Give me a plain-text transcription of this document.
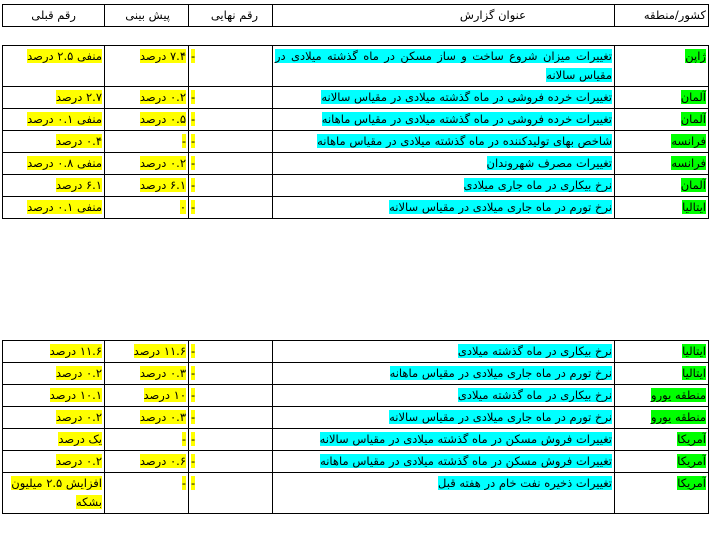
کشور/منطقه	عنوان گزارش	رقم نهایی	پیش بینی	رقم قبلی
ژاپن	تغییرات میزان شروع ساخت و ساز مسکن در ماه گذشته میلادی در مقیاس سالانه	-	۷.۴ درصد	منفی ۲.۵ درصد
آلمان	تغییرات خرده فروشی در ماه گذشته میلادی در مقیاس سالانه	-	۰.۲ درصد	۲.۷ درصد
آلمان	تغییرات خرده فروشی در ماه گذشته میلادی در مقیاس ماهانه	-	۰.۵ درصد	منفی ۰.۱ درصد
فرانسه	شاخص بهای تولیدکننده در ماه گذشته میلادی در مقیاس ماهانه	-	-	۰.۴ درصد
فرانسه	تغییرات مصرف شهروندان	-	۰.۲ درصد	منفی ۰.۸ درصد
آلمان	نرخ بیکاری در ماه جاری میلادی	-	۶.۱ درصد	۶.۱ درصد
ایتالیا	نرخ تورم در ماه جاری میلادی در مقیاس سالانه	-	۰	منفی ۰.۱ درصد
ایتالیا	نرخ بیکاری در ماه گذشته میلادی	-	۱۱.۶ درصد	۱۱.۶ درصد
ایتالیا	نرخ تورم در ماه جاری میلادی در مقیاس ماهانه	-	۰.۳ درصد	۰.۲ درصد
منطقه یورو	نرخ بیکاری در ماه گذشته میلادی	-	۱۰ درصد	۱۰.۱ درصد
منطقه یورو	نرخ تورم در ماه جاری میلادی در مقیاس سالانه	-	۰.۳ درصد	۰.۲ درصد
آمریکا	تغییرات فروش مسکن در ماه گذشته میلادی در مقیاس سالانه	-	-	یک درصد
آمریکا	تغییرات فروش مسکن در ماه گذشته میلادی در مقیاس ماهانه	-	۰.۶ درصد	۰.۲ درصد
آمریکا	تغییرات ذخیره نفت خام در هفته قبل	-	-	افزایش ۲.۵ میلیون بشکه
